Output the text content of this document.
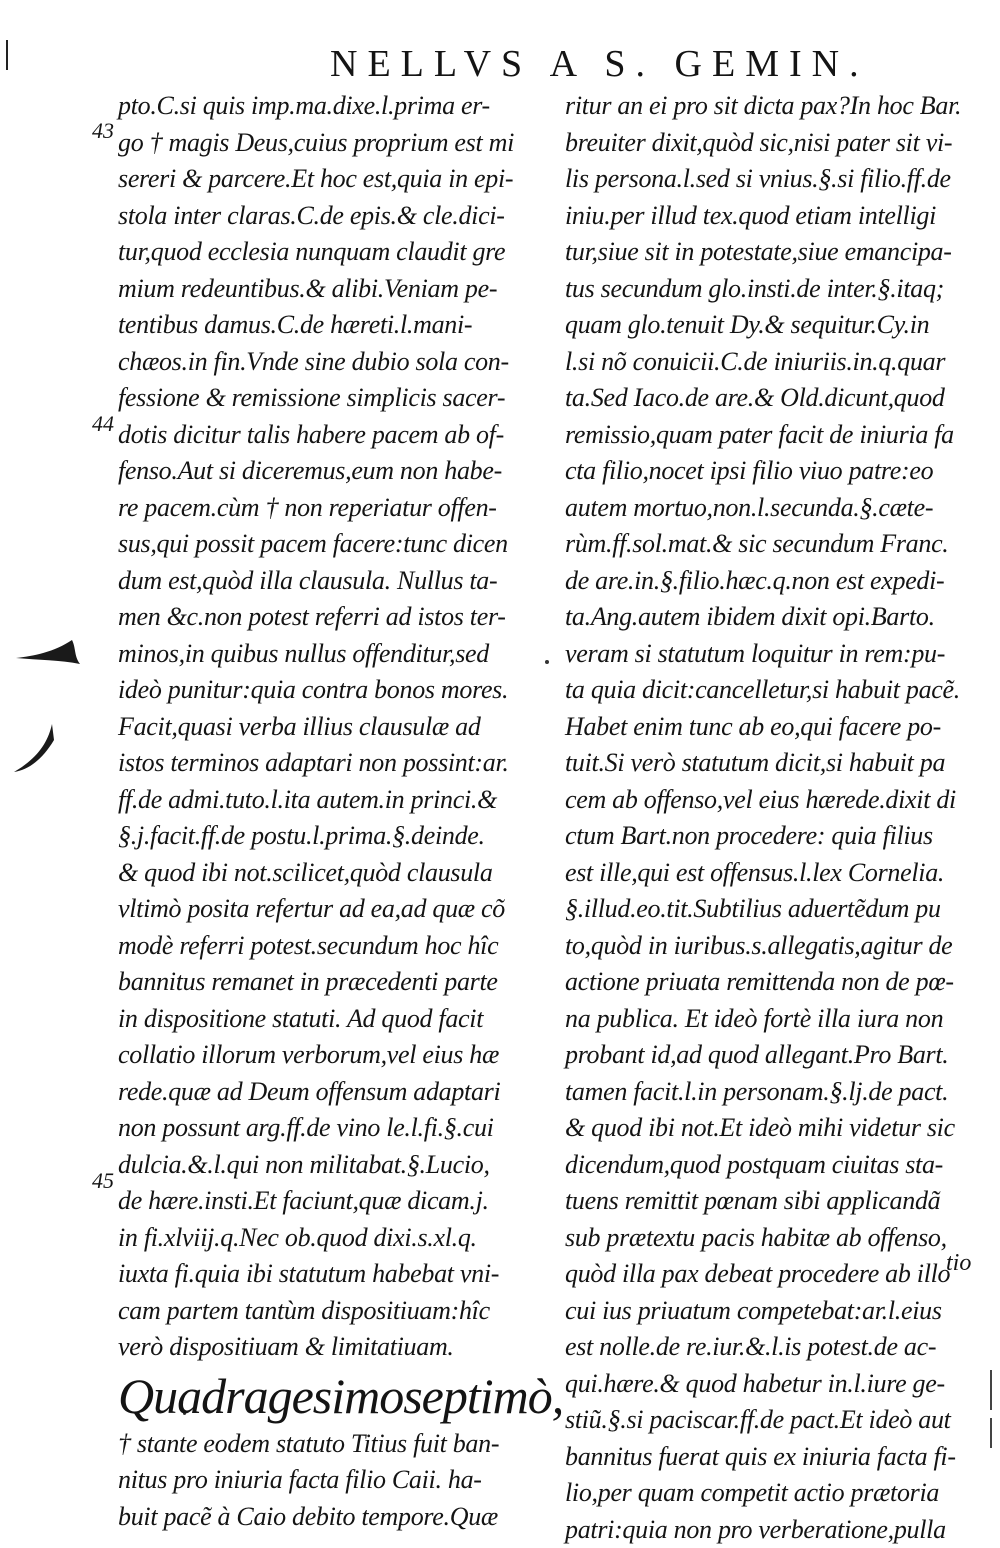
NELLVS A S. GEMIN.
43
44
45
pto.C.si quis imp.ma.dixe.l.prima er-
go † magis Deus,cuius proprium est mi
sereri & parcere.Et hoc est,quia in epi-
stola inter claras.C.de epis.& cle.dici-
tur,quod ecclesia nunquam claudit gre
mium redeuntibus.& alibi.Veniam pe-
tentibus damus.C.de hæreti.l.mani-
chæos.in fin.Vnde sine dubio sola con-
fessione & remissione simplicis sacer-
dotis dicitur talis habere pacem ab of-
fenso.Aut si diceremus,eum non habe-
re pacem.cùm † non reperiatur offen-
sus,qui possit pacem facere:tunc dicen
dum est,quòd illa clausula. Nullus ta-
men &c.non potest referri ad istos ter-
minos,in quibus nullus offenditur,sed
ideò punitur:quia contra bonos mores.
Facit,quasi verba illius clausulæ ad
istos terminos adaptari non possint:ar.
ff.de admi.tuto.l.ita autem.in princi.&
§.j.facit.ff.de postu.l.prima.§.deinde.
& quod ibi not.scilicet,quòd clausula
vltimò posita refertur ad ea,ad quæ cõ
modè referri potest.secundum hoc hîc
bannitus remanet in præcedenti parte
in dispositione statuti. Ad quod facit
collatio illorum verborum,vel eius hæ
rede.quæ ad Deum offensum adaptari
non possunt arg.ff.de vino le.l.fi.§.cui
dulcia.&.l.qui non militabat.§.Lucio,
de hære.insti.Et faciunt,quæ dicam.j.
in fi.xlviij.q.Nec ob.quod dixi.s.xl.q.
iuxta fi.quia ibi statutum habebat vni-
cam partem tantùm dispositiuam:hîc
verò dispositiuam & limitatiuam.
Quadragesimoseptimò,
† stante eodem statuto Titius fuit ban-
nitus pro iniuria facta filio Caii. ha-
buit pacẽ à Caio debito tempore.Quæ
ritur an ei pro sit dicta pax?In hoc Bar.
breuiter dixit,quòd sic,nisi pater sit vi-
lis persona.l.sed si vnius.§.si filio.ff.de
iniu.per illud tex.quod etiam intelligi
tur,siue sit in potestate,siue emancipa-
tus secundum glo.insti.de inter.§.itaq;
quam glo.tenuit Dy.& sequitur.Cy.in
l.si nõ conuicii.C.de iniuriis.in.q.quar
ta.Sed Iaco.de are.& Old.dicunt,quod
remissio,quam pater facit de iniuria fa
cta filio,nocet ipsi filio viuo patre:eo
autem mortuo,non.l.secunda.§.cæte-
rùm.ff.sol.mat.& sic secundum Franc.
de are.in.§.filio.hæc.q.non est expedi-
ta.Ang.autem ibidem dixit opi.Barto.
veram si statutum loquitur in rem:pu-
ta quia dicit:cancelletur,si habuit pacẽ.
Habet enim tunc ab eo,qui facere po-
tuit.Si verò statutum dicit,si habuit pa
cem ab offenso,vel eius hærede.dixit di
ctum Bart.non procedere: quia filius
est ille,qui est offensus.l.lex Cornelia.
§.illud.eo.tit.Subtilius aduertẽdum pu
to,quòd in iuribus.s.allegatis,agitur de
actione priuata remittenda non de pœ-
na publica. Et ideò fortè illa iura non
probant id,ad quod allegant.Pro Bart.
tamen facit.l.in personam.§.lj.de pact.
& quod ibi not.Et ideò mihi videtur sic
dicendum,quod postquam ciuitas sta-
tuens remittit pœnam sibi applicandã
sub prætextu pacis habitæ ab offenso,
quòd illa pax debeat procedere ab illo
cui ius priuatum competebat:ar.l.eius
est nolle.de re.iur.&.l.is potest.de ac-
qui.hære.& quod habetur in.l.iure ge-
stiũ.§.si paciscar.ff.de pact.Et ideò aut
bannitus fuerat quis ex iniuria facta fi-
lio,per quam competit actio prætoria
patri:quia non pro verberatione,pulla
tio
